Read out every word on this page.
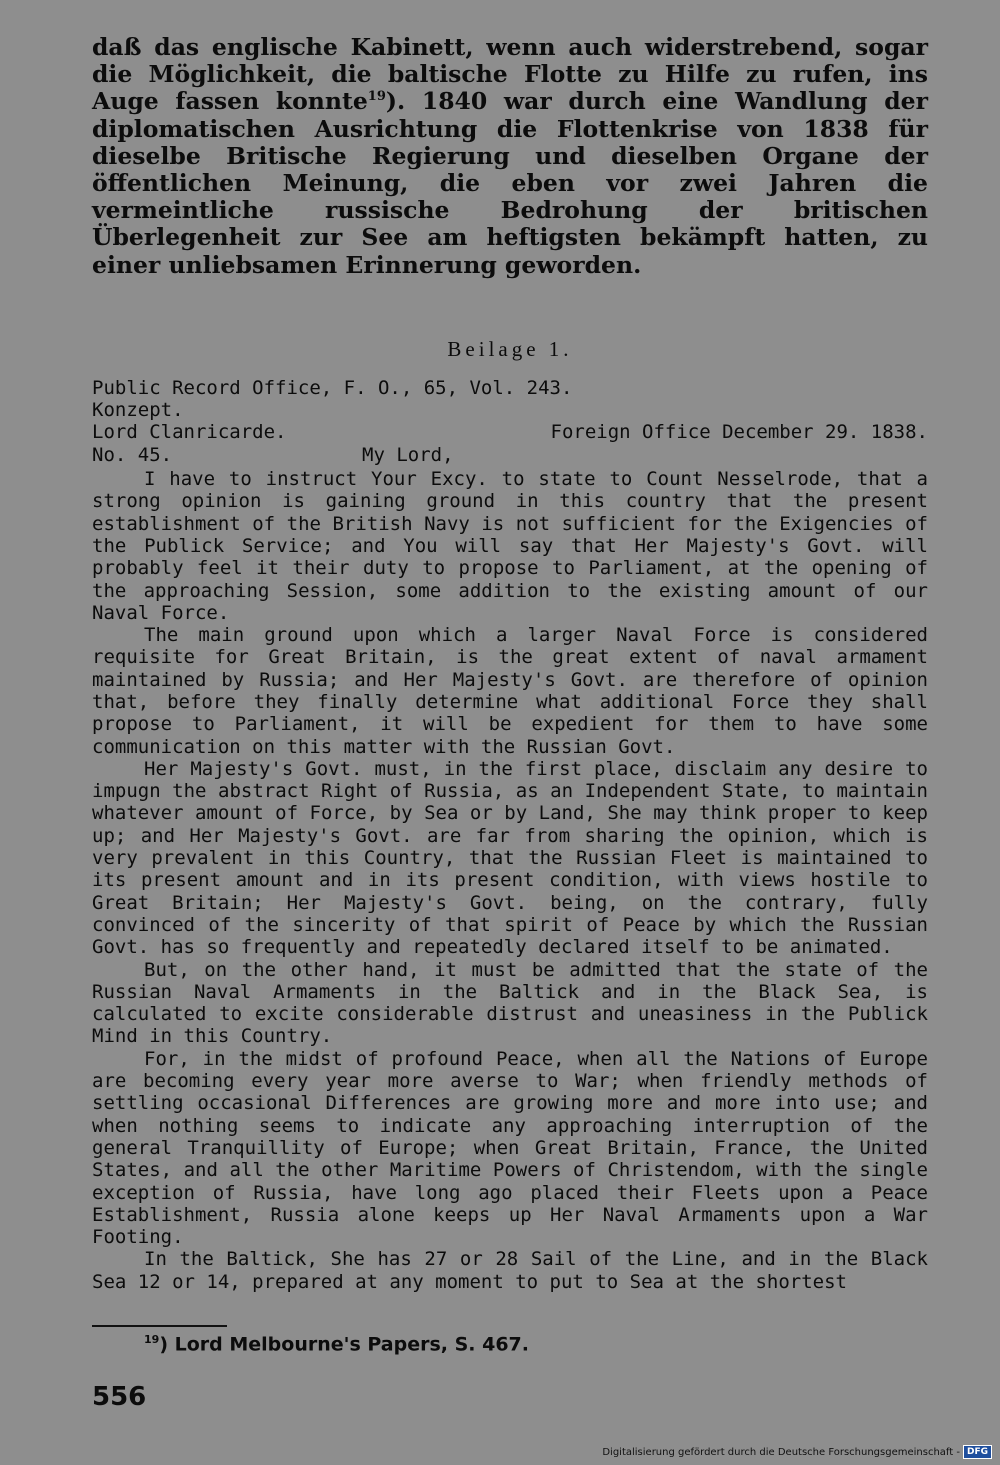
daß das englische Kabinett, wenn auch widerstrebend, sogar die Möglichkeit, die baltische Flotte zu Hilfe zu rufen, ins Auge fassen konnte$^{19}$). 1840 war durch eine Wandlung der diplomatischen Ausrichtung die Flottenkrise von 1838 für dieselbe Britische Regierung und dieselben Organe der öffentlichen Meinung, die eben vor zwei Jahren die vermeintliche russische Bedrohung der britischen Überlegenheit zur See am heftigsten bekämpft hatten, zu einer unliebsamen Erinnerung geworden.

Beilage 1.
Public Record Office, F. O., 65, Vol. 243.
Konzept.
Lord Clanricarde.	Foreign Office December 29. 1838.
No. 45.	My Lord,

I have to instruct Your Excy. to state to Count Nesselrode, that a strong opinion is gaining ground in this country that the present establishment of the British Navy is not sufficient for the Exigencies of the Publick Service; and You will say that Her Majesty's Govt. will probably feel it their duty to propose to Parliament, at the opening of the approaching Session, some addition to the existing amount of our Naval Force.

The main ground upon which a larger Naval Force is considered requisite for Great Britain, is the great extent of naval armament maintained by Russia; and Her Majesty's Govt. are therefore of opinion that, before they finally determine what additional Force they shall propose to Parliament, it will be expedient for them to have some communication on this matter with the Russian Govt.

Her Majesty's Govt. must, in the first place, disclaim any desire to impugn the abstract Right of Russia, as an Independent State, to maintain whatever amount of Force, by Sea or by Land, She may think proper to keep up; and Her Majesty's Govt. are far from sharing the opinion, which is very prevalent in this Country, that the Russian Fleet is maintained to its present amount and in its present condition, with views hostile to Great Britain; Her Majesty's Govt. being, on the contrary, fully convinced of the sincerity of that spirit of Peace by which the Russian Govt. has so frequently and repeatedly declared itself to be animated.

But, on the other hand, it must be admitted that the state of the Russian Naval Armaments in the Baltick and in the Black Sea, is calculated to excite considerable distrust and uneasiness in the Publick Mind in this Country.

For, in the midst of profound Peace, when all the Nations of Europe are becoming every year more averse to War; when friendly methods of settling occasional Differences are growing more and more into use; and when nothing seems to indicate any approaching interruption of the general Tranquillity of Europe; when Great Britain, France, the United States, and all the other Maritime Powers of Christendom, with the single exception of Russia, have long ago placed their Fleets upon a Peace Establishment, Russia alone keeps up Her Naval Armaments upon a War Footing.

In the Baltick, She has 27 or 28 Sail of the Line, and in the Black Sea 12 or 14, prepared at any moment to put to Sea at the shortest

$^{19}$) Lord Melbourne's Papers, S. 467.
556
Digitalisierung gefördert durch die Deutsche Forschungsgemeinschaft - DFG
